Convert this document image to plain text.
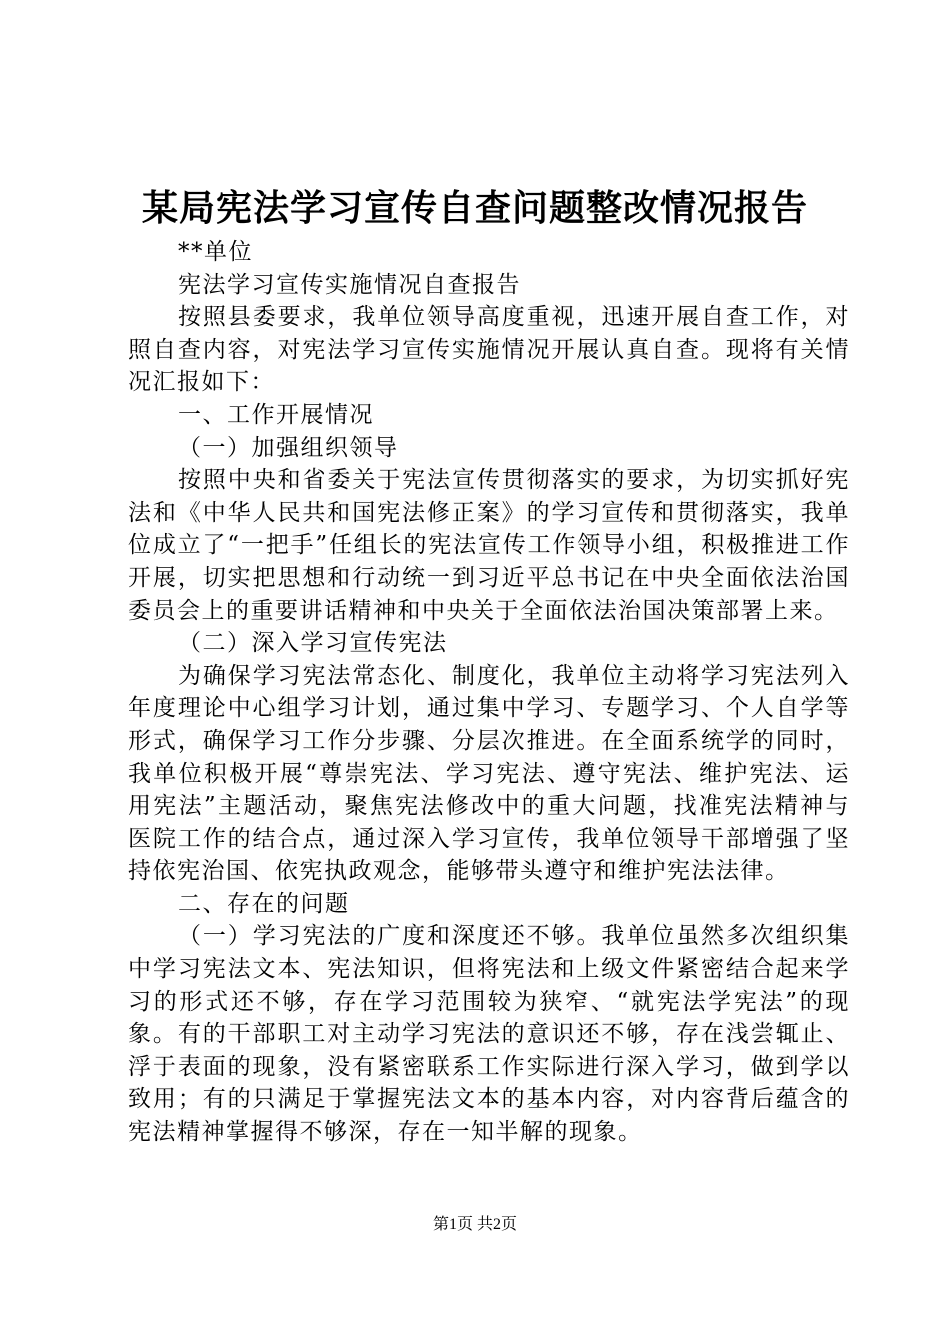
某局宪法学习宣传自查问题整改情况报告

**单位

宪法学习宣传实施情况自查报告

按照县委要求，我单位领导高度重视，迅速开展自查工作，对照自查内容，对宪法学习宣传实施情况开展认真自查。现将有关情况汇报如下：

一、工作开展情况

（一）加强组织领导

按照中央和省委关于宪法宣传贯彻落实的要求，为切实抓好宪法和《中华人民共和国宪法修正案》的学习宣传和贯彻落实，我单位成立了“一把手”任组长的宪法宣传工作领导小组，积极推进工作开展，切实把思想和行动统一到习近平总书记在中央全面依法治国委员会上的重要讲话精神和中央关于全面依法治国决策部署上来。

（二）深入学习宣传宪法

为确保学习宪法常态化、制度化，我单位主动将学习宪法列入年度理论中心组学习计划，通过集中学习、专题学习、个人自学等形式，确保学习工作分步骤、分层次推进。在全面系统学的同时，我单位积极开展“尊崇宪法、学习宪法、遵守宪法、维护宪法、运用宪法”主题活动，聚焦宪法修改中的重大问题，找准宪法精神与医院工作的结合点，通过深入学习宣传，我单位领导干部增强了坚持依宪治国、依宪执政观念，能够带头遵守和维护宪法法律。

二、存在的问题

（一）学习宪法的广度和深度还不够。我单位虽然多次组织集中学习宪法文本、宪法知识，但将宪法和上级文件紧密结合起来学习的形式还不够，存在学习范围较为狭窄、“就宪法学宪法”的现象。有的干部职工对主动学习宪法的意识还不够，存在浅尝辄止、浮于表面的现象，没有紧密联系工作实际进行深入学习，做到学以致用；有的只满足于掌握宪法文本的基本内容，对内容背后蕴含的宪法精神掌握得不够深，存在一知半解的现象。

第1页 共2页
